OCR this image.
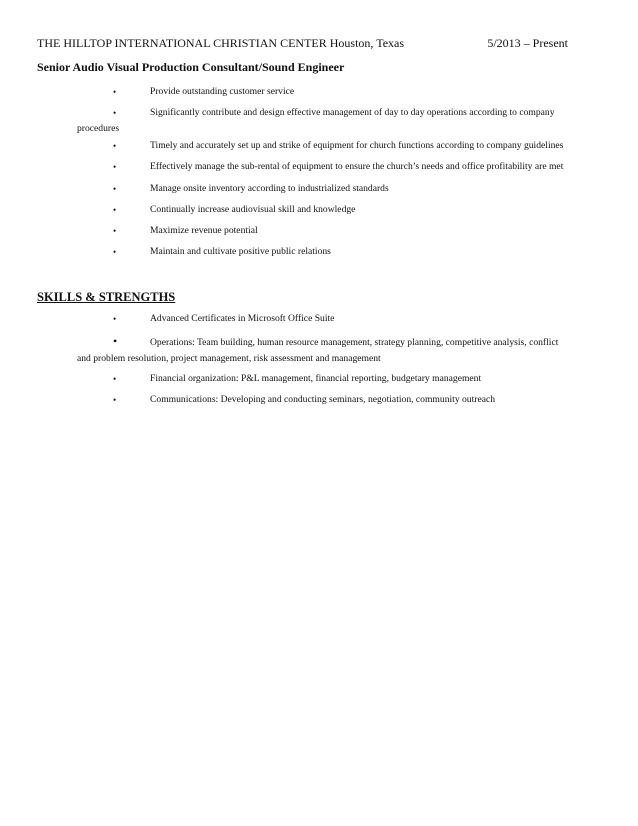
THE HILLTOP INTERNATIONAL CHRISTIAN CENTER Houston, Texas	5/2013 – Present
Senior Audio Visual Production Consultant/Sound Engineer
•	Provide outstanding customer service
•	Significantly contribute and design effective management of day to day operations according to company
procedures
•	Timely and accurately set up and strike of equipment for church functions according to company guidelines
•	Effectively manage the sub-rental of equipment to ensure the church’s needs and office profitability are met
•	Manage onsite inventory according to industrialized standards
•	Continually increase audiovisual skill and knowledge
•	Maximize revenue potential
•	Maintain and cultivate positive public relations
SKILLS & STRENGTHS
•	Advanced Certificates in Microsoft Office Suite
•	Operations: Team building, human resource management, strategy planning, competitive analysis, conflict
and problem resolution, project management, risk assessment and management
•	Financial organization: P&L management, financial reporting, budgetary management
•	Communications: Developing and conducting seminars, negotiation, community outreach
